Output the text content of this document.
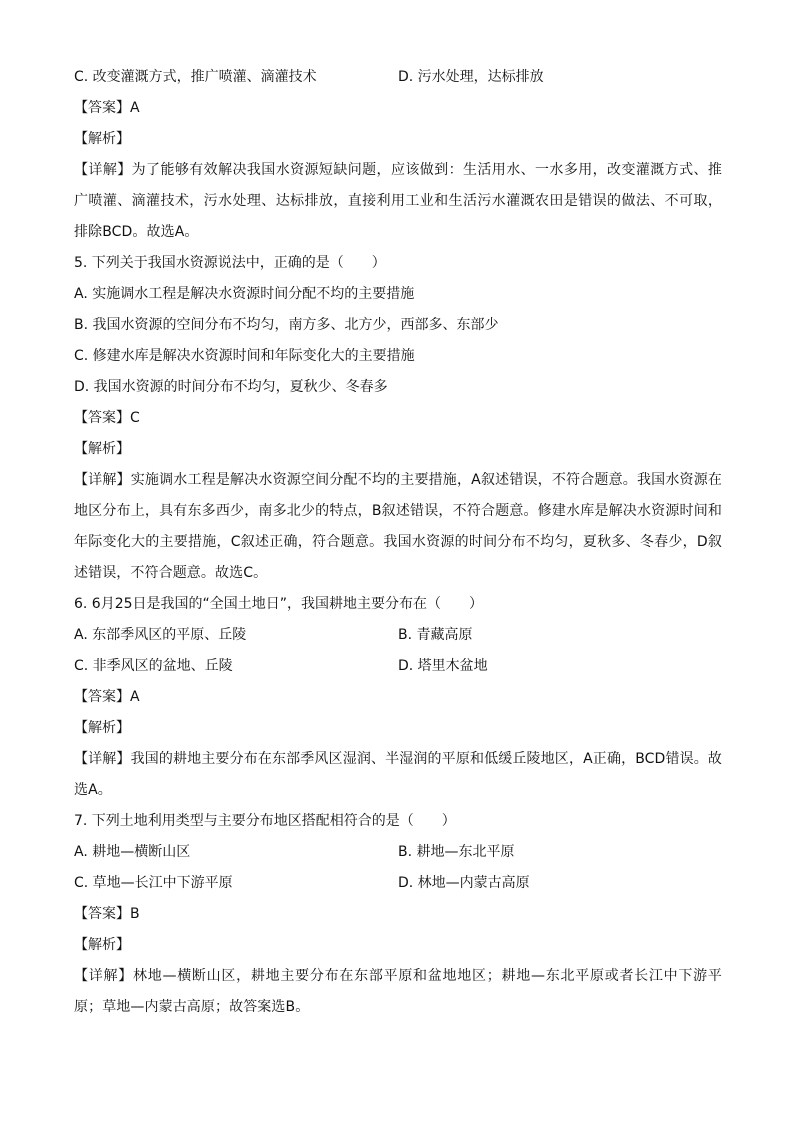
C. 改变灌溉方式，推广喷灌、滴灌技术	D. 污水处理，达标排放
【答案】A
【解析】
【详解】为了能够有效解决我国水资源短缺问题，应该做到：生活用水、一水多用，改变灌溉方式、推广喷灌、滴灌技术，污水处理、达标排放，直接利用工业和生活污水灌溉农田是错误的做法、不可取，排除BCD。故选A。
5. 下列关于我国水资源说法中，正确的是（　　）
A. 实施调水工程是解决水资源时间分配不均的主要措施
B. 我国水资源的空间分布不均匀，南方多、北方少，西部多、东部少
C. 修建水库是解决水资源时间和年际变化大的主要措施
D. 我国水资源的时间分布不均匀，夏秋少、冬春多
【答案】C
【解析】
【详解】实施调水工程是解决水资源空间分配不均的主要措施，A叙述错误，不符合题意。我国水资源在地区分布上，具有东多西少，南多北少的特点，B叙述错误，不符合题意。修建水库是解决水资源时间和年际变化大的主要措施，C叙述正确，符合题意。我国水资源的时间分布不均匀，夏秋多、冬春少，D叙述错误，不符合题意。故选C。
6. 6月25日是我国的“全国土地日”，我国耕地主要分布在（　　）
A. 东部季风区的平原、丘陵	B. 青藏高原
C. 非季风区的盆地、丘陵	D. 塔里木盆地
【答案】A
【解析】
【详解】我国的耕地主要分布在东部季风区湿润、半湿润的平原和低缓丘陵地区，A正确，BCD错误。故选A。
7. 下列土地利用类型与主要分布地区搭配相符合的是（　　）
A. 耕地—横断山区	B. 耕地—东北平原
C. 草地—长江中下游平原	D. 林地—内蒙古高原
【答案】B
【解析】
【详解】林地—横断山区，耕地主要分布在东部平原和盆地地区；耕地—东北平原或者长江中下游平原；草地—内蒙古高原；故答案选B。
